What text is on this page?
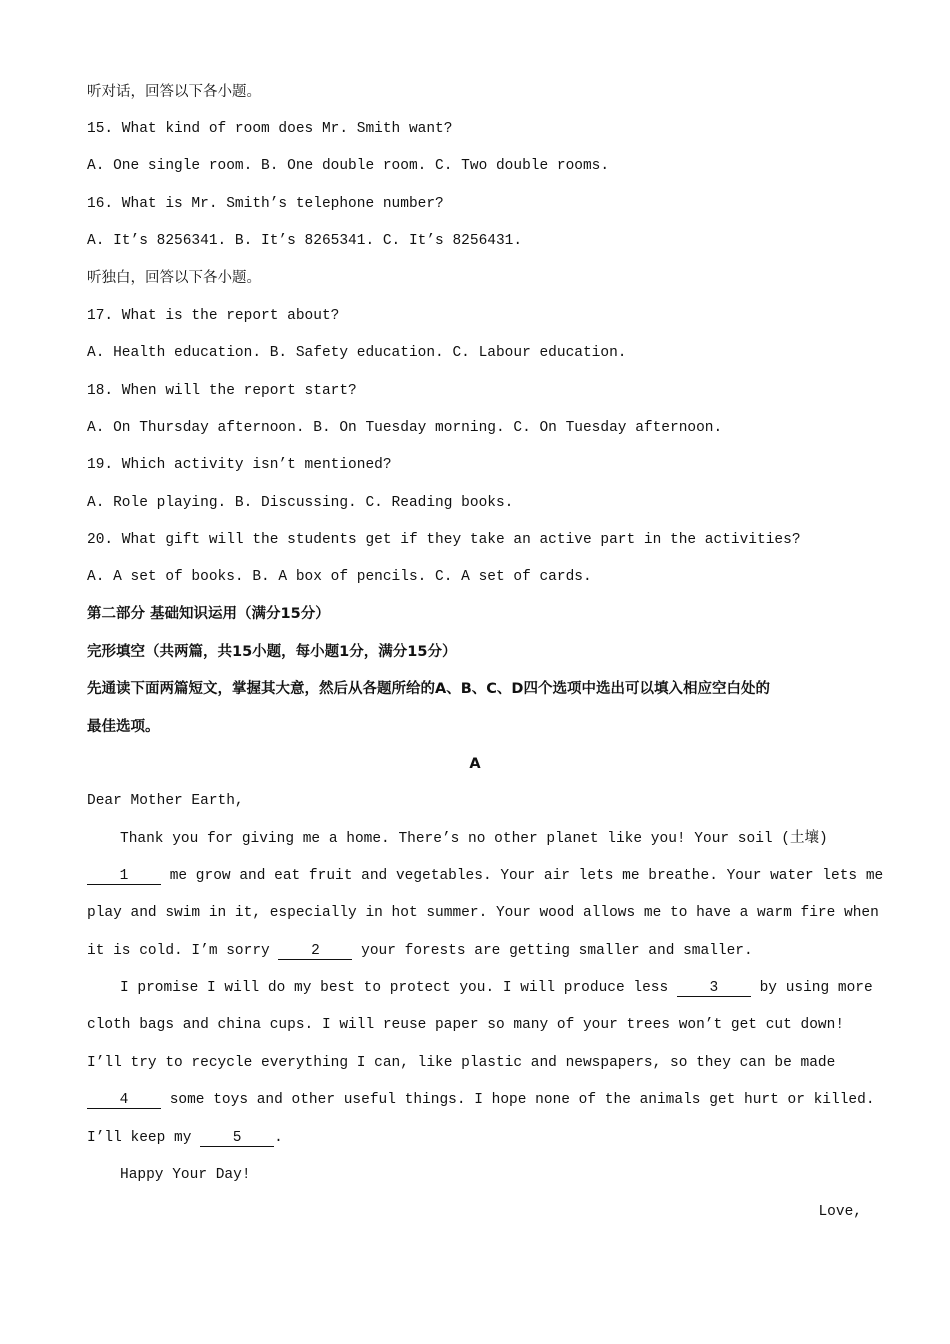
听对话，回答以下各小题。
15. What kind of room does Mr. Smith want?
A. One single room. B. One double room. C. Two double rooms.
16. What is Mr. Smith’s telephone number?
A. It’s 8256341. B. It’s 8265341. C. It’s 8256431.
听独白，回答以下各小题。
17. What is the report about?
A. Health education. B. Safety education. C. Labour education.
18. When will the report start?
A. On Thursday afternoon. B. On Tuesday morning. C. On Tuesday afternoon.
19. Which activity isn’t mentioned?
A. Role playing. B. Discussing. C. Reading books.
20. What gift will the students get if they take an active part in the activities?
A. A set of books. B. A box of pencils. C. A set of cards.
第二部分 基础知识运用（满分15分）
完形填空（共两篇，共15小题，每小题1分，满分15分）
先通读下面两篇短文，掌握其大意，然后从各题所给的A、B、C、D四个选项中选出可以填入相应空白处的
最佳选项。
A
Dear Mother Earth,
Thank you for giving me a home. There’s no other planet like you! Your soil (土壤)
1 me grow and eat fruit and vegetables. Your air lets me breathe. Your water lets me
play and swim in it, especially in hot summer. Your wood allows me to have a warm fire when
it is cold. I’m sorry 2 your forests are getting smaller and smaller.
I promise I will do my best to protect you. I will produce less 3 by using more
cloth bags and china cups. I will reuse paper so many of your trees won’t get cut down!
I’ll try to recycle everything I can, like plastic and newspapers, so they can be made
4 some toys and other useful things. I hope none of the animals get hurt or killed.
I’ll keep my 5 .
Happy Your Day!
Love,
